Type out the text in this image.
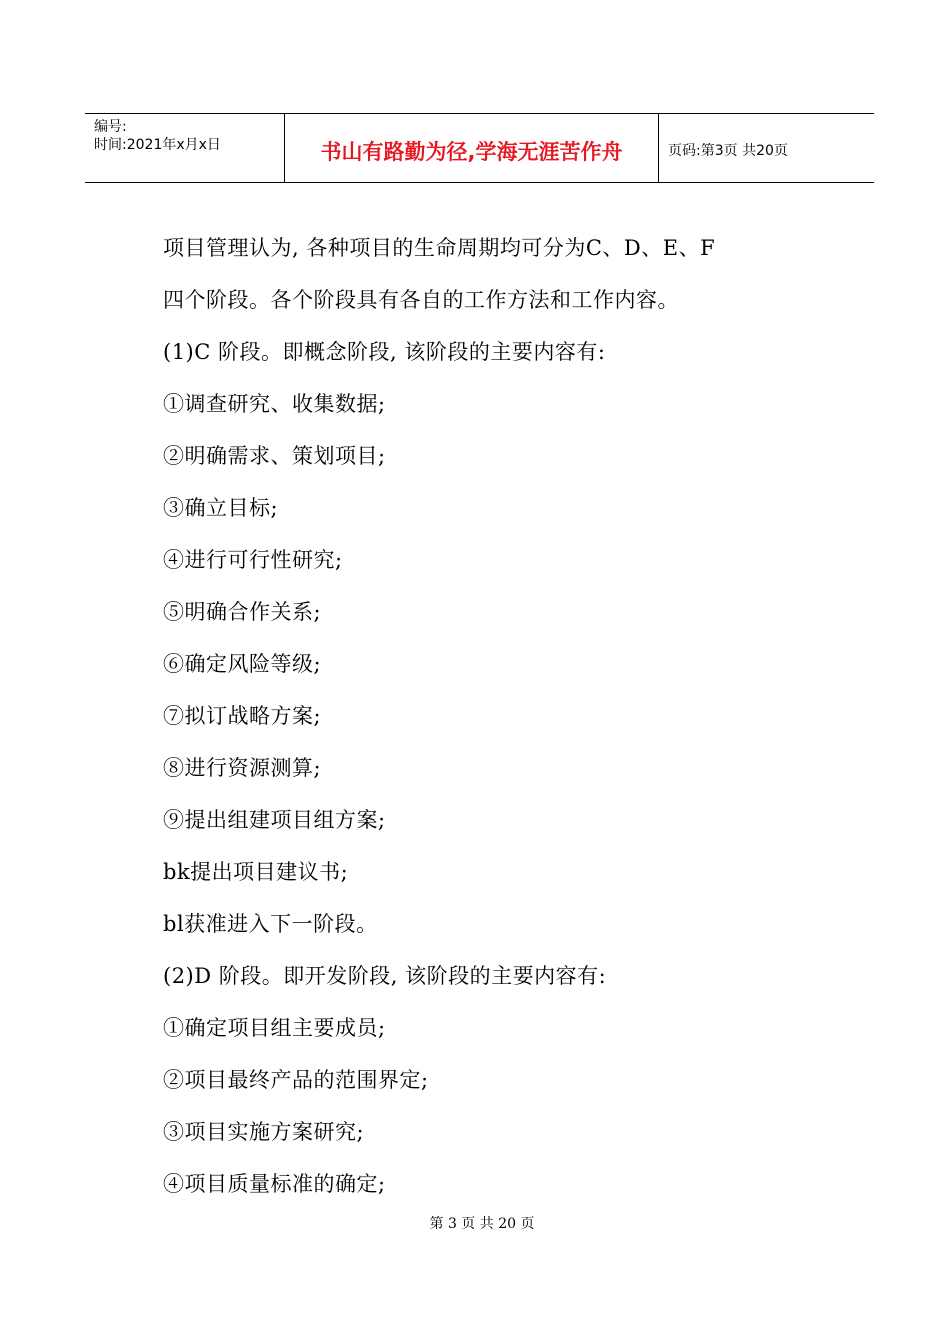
编号:
时间:2021年x月x日	书山有路勤为径,学海无涯苦作舟	页码:第3页 共20页
项目管理认为, 各种项目的生命周期均可分为C、D、E、F
四个阶段。各个阶段具有各自的工作方法和工作内容。
(1)C 阶段。即概念阶段, 该阶段的主要内容有:
①调查研究、收集数据;
②明确需求、策划项目;
③确立目标;
④进行可行性研究;
⑤明确合作关系;
⑥确定风险等级;
⑦拟订战略方案;
⑧进行资源测算;
⑨提出组建项目组方案;
bk提出项目建议书;
bl获准进入下一阶段。
(2)D 阶段。即开发阶段, 该阶段的主要内容有:
①确定项目组主要成员;
②项目最终产品的范围界定;
③项目实施方案研究;
④项目质量标准的确定;
第 3 页 共 20 页
